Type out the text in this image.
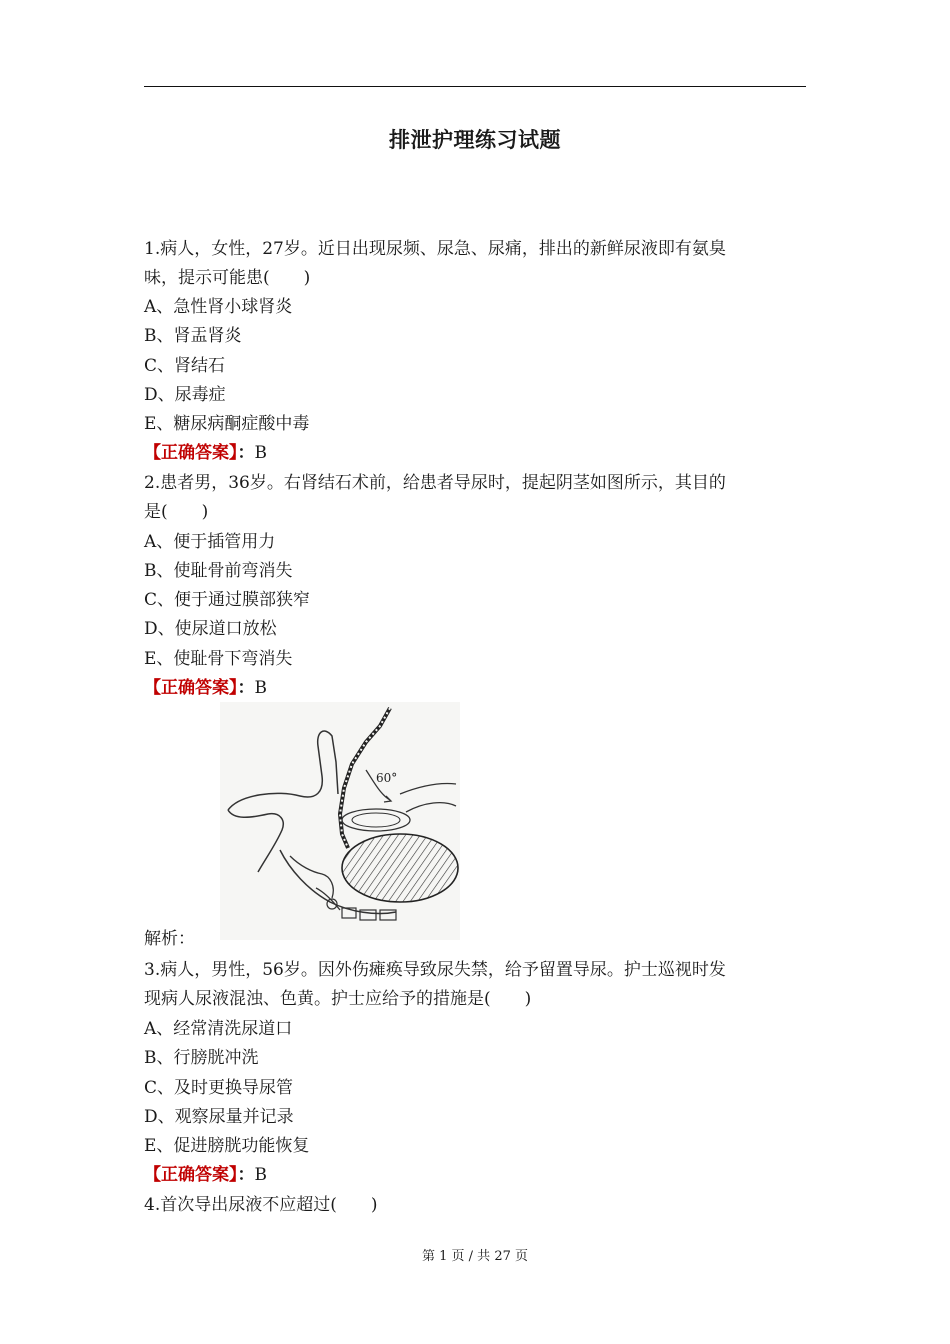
排泄护理练习试题
1.病人，女性，27岁。近日出现尿频、尿急、尿痛，排出的新鲜尿液即有氨臭
味，提示可能患(　　)
A、急性肾小球肾炎
B、肾盂肾炎
C、肾结石
D、尿毒症
E、糖尿病酮症酸中毒
【正确答案】：B
2.患者男，36岁。右肾结石术前，给患者导尿时，提起阴茎如图所示，其目的
是(　　)
A、便于插管用力
B、使耻骨前弯消失
C、便于通过膜部狭窄
D、使尿道口放松
E、使耻骨下弯消失
【正确答案】：B
60°
解析：
3.病人，男性，56岁。因外伤瘫痪导致尿失禁，给予留置导尿。护士巡视时发
现病人尿液混浊、色黄。护士应给予的措施是(　　)
A、经常清洗尿道口
B、行膀胱冲洗
C、及时更换导尿管
D、观察尿量并记录
E、促进膀胱功能恢复
【正确答案】：B
4.首次导出尿液不应超过(　　)
第 1 页 / 共 27 页
